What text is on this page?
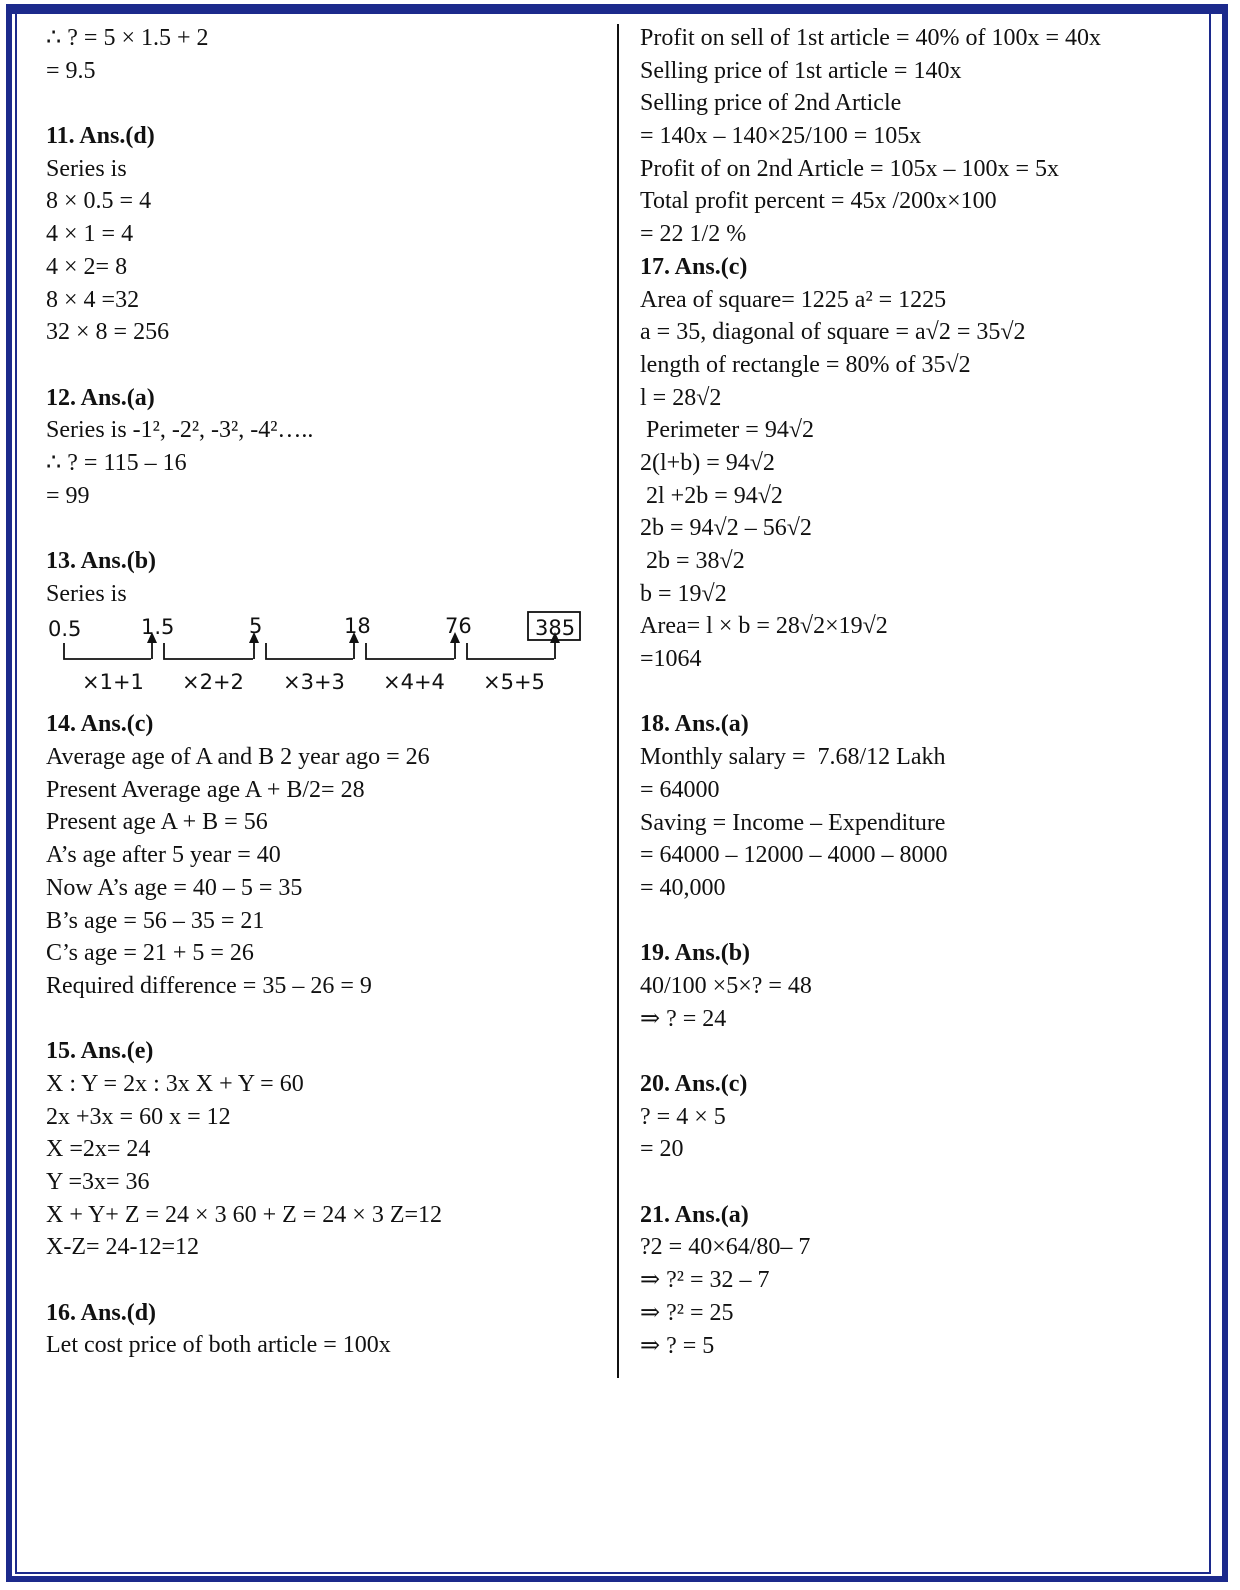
∴ ? = 5 × 1.5 + 2
= 9.5
11. Ans.(d)
Series is
8 × 0.5 = 4
4 × 1 = 4
4 × 2= 8
8 × 4 =32
32 × 8 = 256
12. Ans.(a)
Series is -1², -2², -3², -4²…..
∴ ? = 115 – 16
= 99
13. Ans.(b)
Series is
0.5	1.5	5	18	76	385
×1+1 ×2+2 ×3+3 ×4+4 ×5+5
14. Ans.(c)
Average age of A and B 2 year ago = 26
Present Average age A + B/2= 28
Present age A + B = 56
A’s age after 5 year = 40
Now A’s age = 40 – 5 = 35
B’s age = 56 – 35 = 21
C’s age = 21 + 5 = 26
Required difference = 35 – 26 = 9
15. Ans.(e)
X : Y = 2x : 3x X + Y = 60
2x +3x = 60 x = 12
X =2x= 24
Y =3x= 36
X + Y+ Z = 24 × 3 60 + Z = 24 × 3 Z=12
X-Z= 24-12=12
16. Ans.(d)
Let cost price of both article = 100x
Profit on sell of 1st article = 40% of 100x = 40x
Selling price of 1st article = 140x
Selling price of 2nd Article
= 140x – 140×25/100 = 105x
Profit of on 2nd Article = 105x – 100x = 5x
Total profit percent = 45x /200x×100
= 22 1/2 %
17. Ans.(c)
Area of square= 1225 a² = 1225
a = 35, diagonal of square = a√2 = 35√2
length of rectangle = 80% of 35√2
l = 28√2
Perimeter = 94√2
2(l+b) = 94√2
2l +2b = 94√2
2b = 94√2 – 56√2
2b = 38√2
b = 19√2
Area= l × b = 28√2×19√2
=1064
18. Ans.(a)
Monthly salary =  7.68/12 Lakh
= 64000
Saving = Income – Expenditure
= 64000 – 12000 – 4000 – 8000
= 40,000
19. Ans.(b)
40/100 ×5×? = 48
⇒ ? = 24
20. Ans.(c)
? = 4 × 5
= 20
21. Ans.(a)
?2 = 40×64/80– 7
⇒ ?² = 32 – 7
⇒ ?² = 25
⇒ ? = 5
